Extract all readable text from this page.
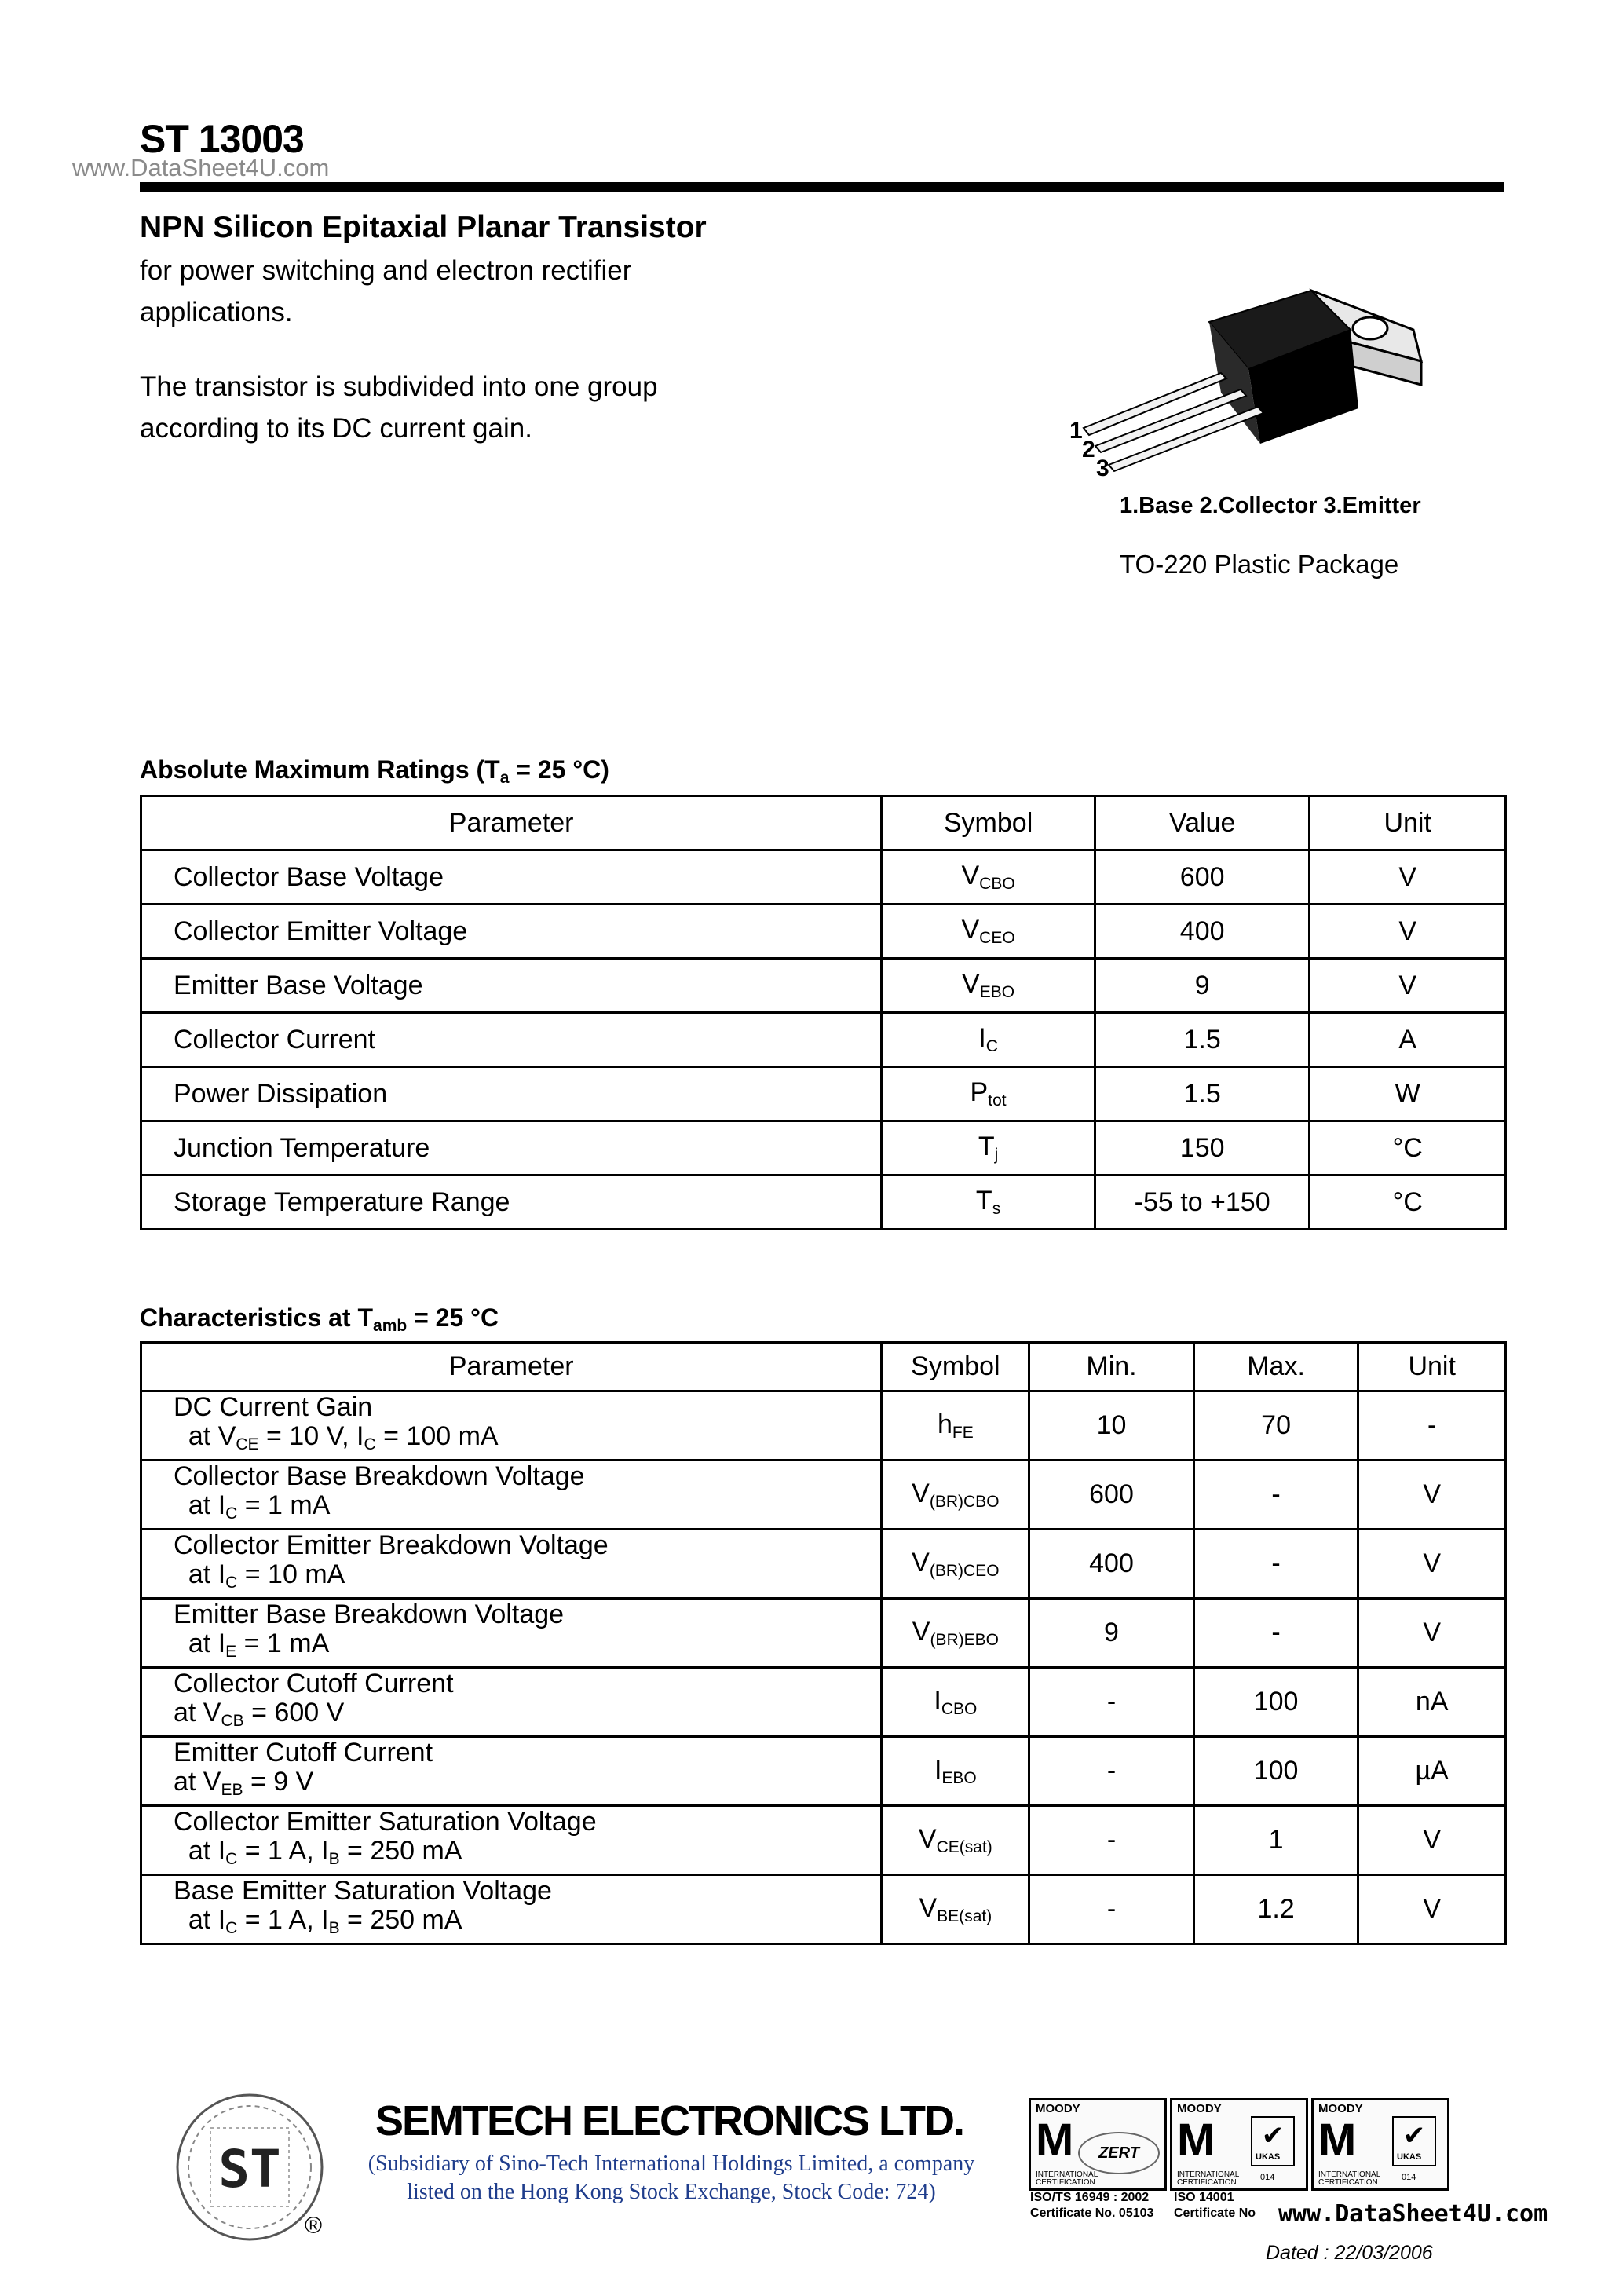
ST 13003
www.DataSheet4U.com
NPN Silicon Epitaxial Planar Transistor
for power switching and electron rectifier
applications.
The transistor is subdivided into one group
according to its DC current gain.	1
2
3
1.Base 2.Collector 3.Emitter
TO-220 Plastic Package
Absolute Maximum Ratings ($T_a = 25$ °C)
Parameter	Symbol	Value	Unit
Collector Base Voltage	$V_{CBO}$	600	V
Collector Emitter Voltage	$V_{CEO}$	400	V
Emitter Base Voltage	$V_{EBO}$	9	V
Collector Current	$I_C$	1.5	A
Power Dissipation	$P_{tot}$	1.5	W
Junction Temperature	$T_j$	150	°C
Storage Temperature Range	$T_s$	-55 to +150	°C
Characteristics at $T_{amb} = 25$ °C
Parameter	Symbol	Min.	Max.	Unit

DC Current Gain
at $V_{CE} = 10$ V, $I_C = 100$ mA	$h_{FE}$	10	70	-

Collector Base Breakdown Voltage
at $I_C = 1$ mA	$V_{(BR)CBO}$	600	-	V

Collector Emitter Breakdown Voltage
at $I_C = 10$ mA	$V_{(BR)CEO}$	400	-	V

Emitter Base Breakdown Voltage
at $I_E = 1$ mA	$V_{(BR)EBO}$	9	-	V

Collector Cutoff Current
at $V_{CB} = 600$ V	$I_{CBO}$	-	100	nA

Emitter Cutoff Current
at $V_{EB} = 9$ V	$I_{EBO}$	-	100	µA

Collector Emitter Saturation Voltage
at $I_C = 1$ A, $I_B = 250$ mA	$V_{CE(sat)}$	-	1	V

Base Emitter Saturation Voltage
at $I_C = 1$ A, $I_B = 250$ mA	$V_{BE(sat)}$	-	1.2	V
ST
®
SEMTECH ELECTRONICS LTD.
(Subsidiary of Sino-Tech International Holdings Limited, a company
listed on the Hong Kong Stock Exchange, Stock Code: 724)
MOODY
M	ZERT
INTERNATIONAL CERTIFICATION
MOODY
M	✔
UKAS
INTERNATIONAL CERTIFICATION
014
MOODY
M	✔
UKAS
INTERNATIONAL CERTIFICATION
014
ISO/TS 16949 : 2002
Certificate No. 05103
ISO 14001
Certificate No www.DataSheet4U.com
Dated : 22/03/2006
